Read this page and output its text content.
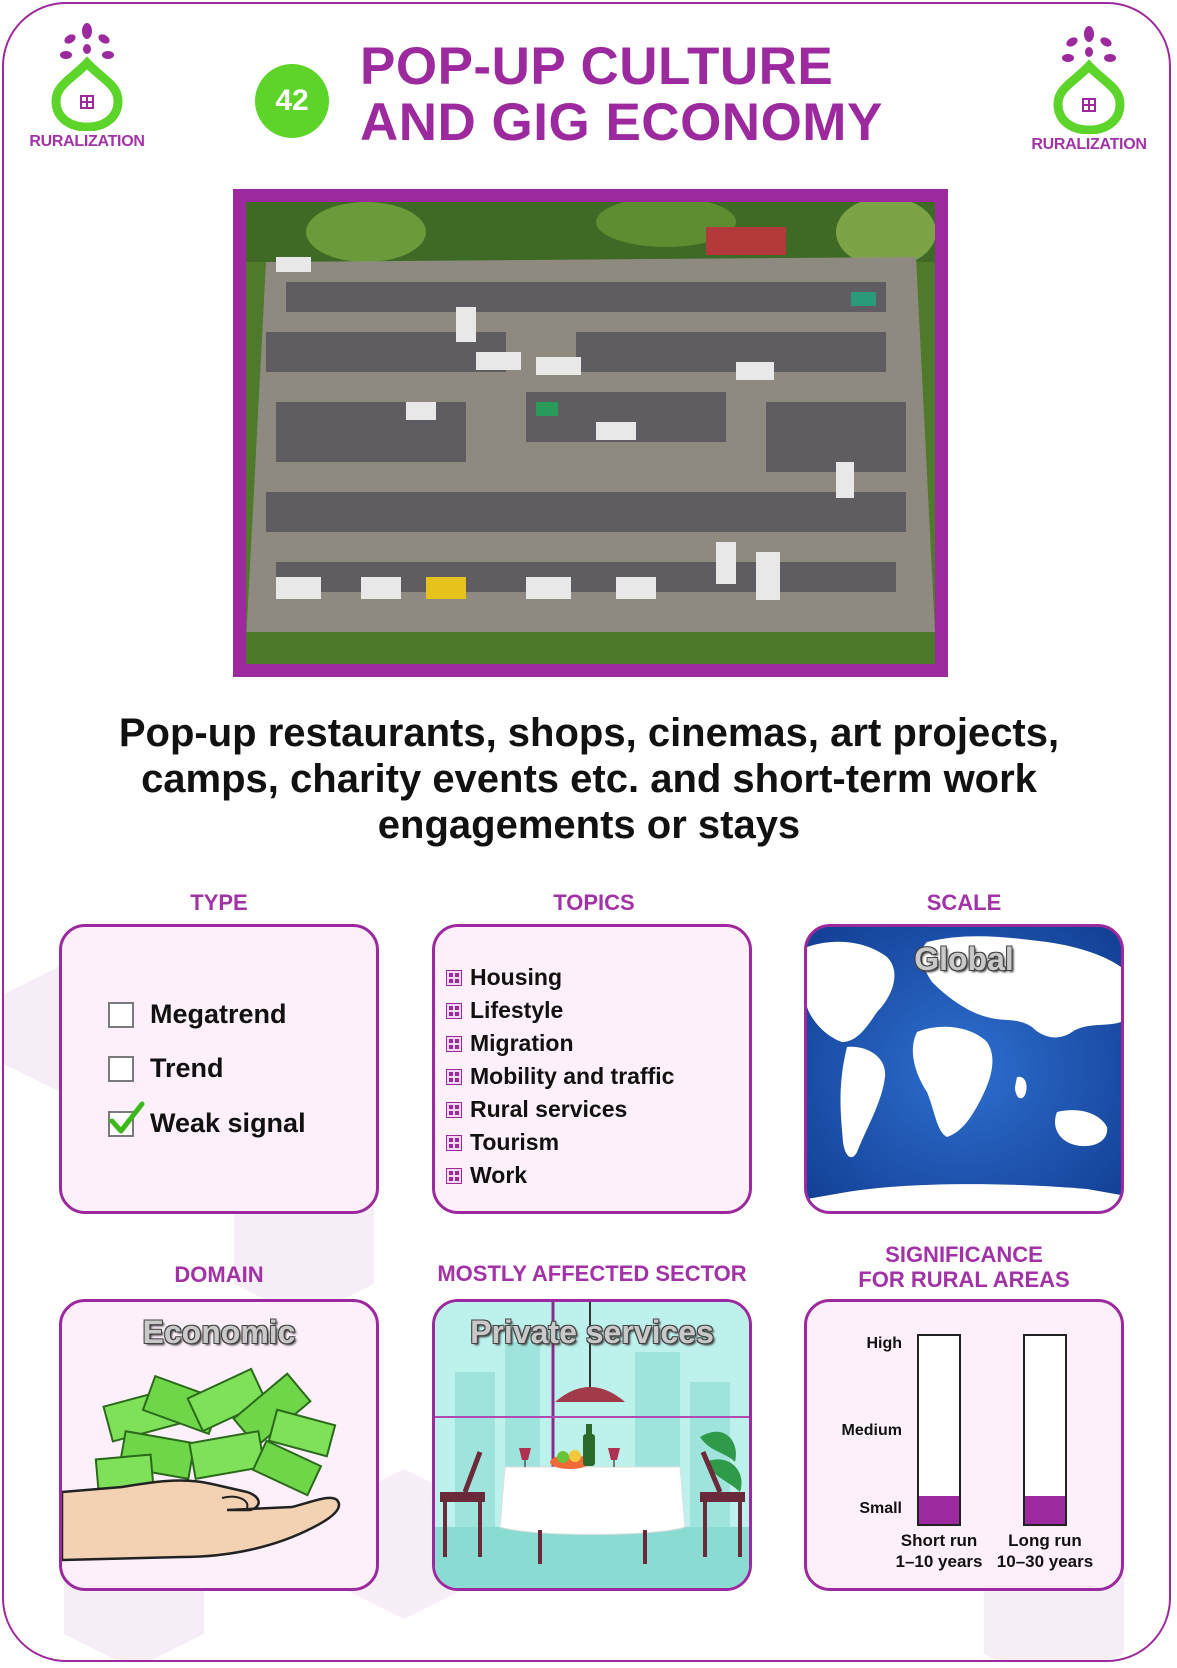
RURALIZATION	RURALIZATION
42
POP-UP CULTURE
AND GIG ECONOMY
Pop-up restaurants, shops, cinemas, art projects, camps, charity events etc. and short-term work engagements or stays
TYPE	TOPICS	SCALE
Megatrend
Trend
Weak signal
Housing
Lifestyle
Migration
Mobility and traffic
Rural services
Tourism
Work
Global
DOMAIN	MOSTLY AFFECTED SECTOR
SIGNIFICANCE
FOR RURAL AREAS
Economic	Private services	High
Medium
Small
Short run
1–10 years
Long run
10–30 years
